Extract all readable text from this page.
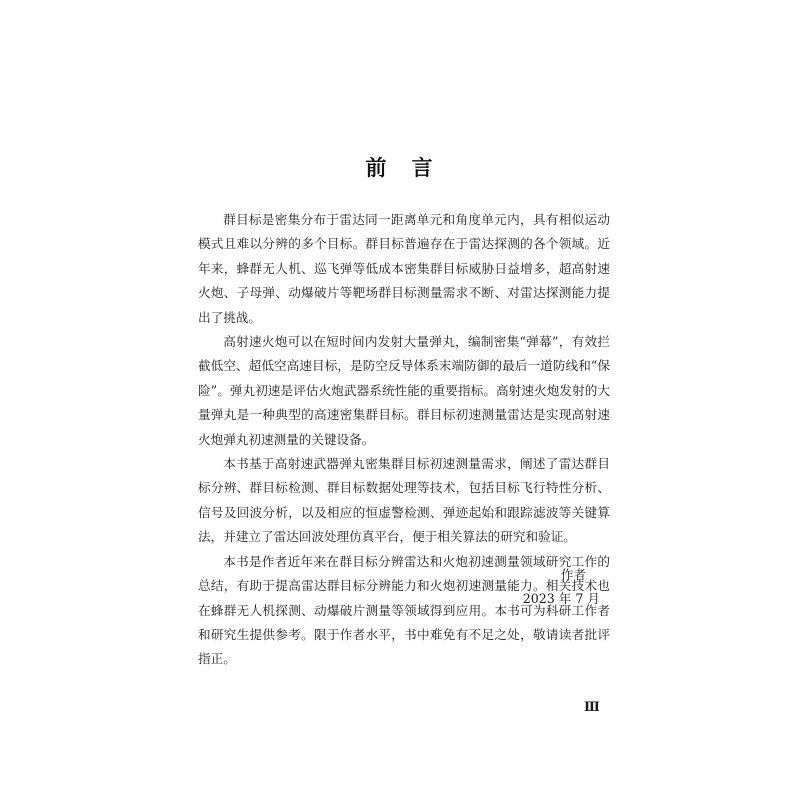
前　言

群目标是密集分布于雷达同一距离单元和角度单元内，具有相似运动模式且难以分辨的多个目标。群目标普遍存在于雷达探测的各个领域。近年来，蜂群无人机、巡飞弹等低成本密集群目标威胁日益增多，超高射速火炮、子母弹、动爆破片等靶场群目标测量需求不断、对雷达探测能力提出了挑战。

高射速火炮可以在短时间内发射大量弹丸，编制密集“弹幕”，有效拦截低空、超低空高速目标，是防空反导体系末端防御的最后一道防线和“保险”。弹丸初速是评估火炮武器系统性能的重要指标。高射速火炮发射的大量弹丸是一种典型的高速密集群目标。群目标初速测量雷达是实现高射速火炮弹丸初速测量的关键设备。

本书基于高射速武器弹丸密集群目标初速测量需求，阐述了雷达群目标分辨、群目标检测、群目标数据处理等技术，包括目标飞行特性分析、信号及回波分析，以及相应的恒虚警检测、弹迹起始和跟踪滤波等关键算法，并建立了雷达回波处理仿真平台，便于相关算法的研究和验证。

本书是作者近年来在群目标分辨雷达和火炮初速测量领域研究工作的总结，有助于提高雷达群目标分辨能力和火炮初速测量能力。相关技术也在蜂群无人机探测、动爆破片测量等领域得到应用。本书可为科研工作者和研究生提供参考。限于作者水平，书中难免有不足之处，敬请读者批评指正。

作者
2023 年 7 月
Ⅲ
